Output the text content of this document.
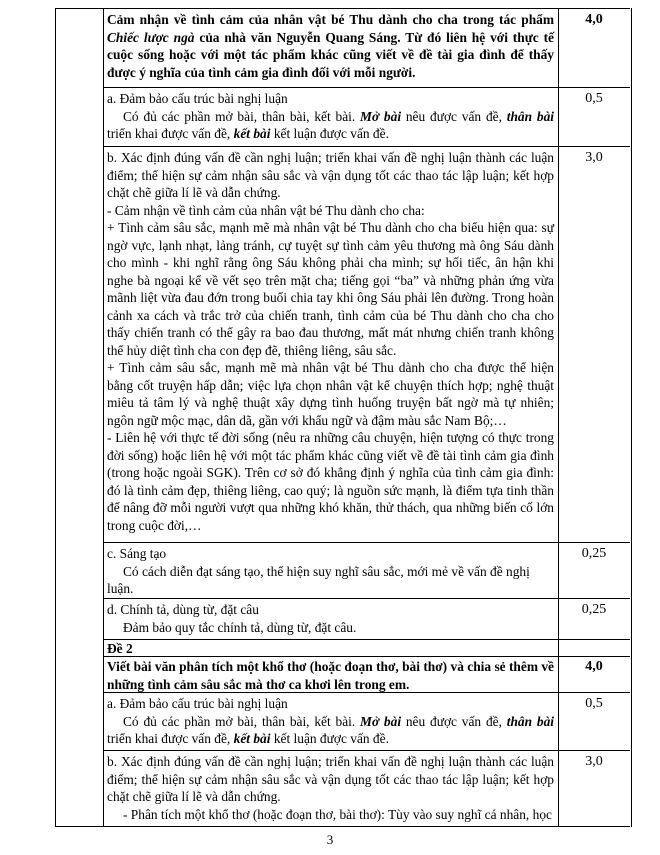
Cảm nhận về tình cảm của nhân vật bé Thu dành cho cha trong tác phẩm Chiếc lược ngà của nhà văn Nguyễn Quang Sáng. Từ đó liên hệ với thực tế cuộc sống hoặc với một tác phẩm khác cũng viết về đề tài gia đình để thấy được ý nghĩa của tình cảm gia đình đối với mỗi người.
4,0

a. Đảm bảo cấu trúc bài nghị luận

Có đủ các phần mở bài, thân bài, kết bài. Mở bài nêu được vấn đề, thân bài triển khai được vấn đề, kết bài kết luận được vấn đề.

0,5

b. Xác định đúng vấn đề cần nghị luận; triển khai vấn đề nghị luận thành các luận điểm; thể hiện sự cảm nhận sâu sắc và vận dụng tốt các thao tác lập luận; kết hợp chặt chẽ giữa lí lẽ và dẫn chứng.

- Cảm nhận về tình cảm của nhân vật bé Thu dành cho cha:

+ Tình cảm sâu sắc, mạnh mẽ mà nhân vật bé Thu dành cho cha biểu hiện qua: sự ngờ vực, lạnh nhạt, lảng tránh, cự tuyệt sự tình cảm yêu thương mà ông Sáu dành cho mình - khi nghĩ rằng ông Sáu không phải cha mình; sự hối tiếc, ân hận khi nghe bà ngoại kể về vết sẹo trên mặt cha; tiếng gọi “ba” và những phản ứng vừa mãnh liệt vừa đau đớn trong buổi chia tay khi ông Sáu phải lên đường. Trong hoàn cảnh xa cách và trắc trở của chiến tranh, tình cảm của bé Thu dành cho cha cho thấy chiến tranh có thể gây ra bao đau thương, mất mát nhưng chiến tranh không thể hủy diệt tình cha con đẹp đẽ, thiêng liêng, sâu sắc.

+ Tình cảm sâu sắc, mạnh mẽ mà nhân vật bé Thu dành cho cha được thể hiện bằng cốt truyện hấp dẫn; việc lựa chọn nhân vật kể chuyện thích hợp; nghệ thuật miêu tả tâm lý và nghệ thuật xây dựng tình huống truyện bất ngờ mà tự nhiên; ngôn ngữ mộc mạc, dân dã, gần với khẩu ngữ và đậm màu sắc Nam Bộ;…

- Liên hệ với thực tế đời sống (nêu ra những câu chuyện, hiện tượng có thực trong đời sống) hoặc liên hệ với một tác phẩm khác cũng viết về đề tài tình cảm gia đình (trong hoặc ngoài SGK). Trên cơ sở đó khẳng định ý nghĩa của tình cảm gia đình: đó là tình cảm đẹp, thiêng liêng, cao quý; là nguồn sức mạnh, là điểm tựa tinh thần để nâng đỡ mỗi người vượt qua những khó khăn, thử thách, qua những biến cố lớn trong cuộc đời,…

3,0

c. Sáng tạo

Có cách diễn đạt sáng tạo, thể hiện suy nghĩ sâu sắc, mới mẻ về vấn đề nghị luận.

0,25

d. Chính tả, dùng từ, đặt câu

Đảm bảo quy tắc chính tả, dùng từ, đặt câu.

0,25
Đề 2
Viết bài văn phân tích một khổ thơ (hoặc đoạn thơ, bài thơ) và chia sẻ thêm về những tình cảm sâu sắc mà thơ ca khơi lên trong em.
4,0

a. Đảm bảo cấu trúc bài nghị luận

Có đủ các phần mở bài, thân bài, kết bài. Mở bài nêu được vấn đề, thân bài triển khai được vấn đề, kết bài kết luận được vấn đề.

0,5

b. Xác định đúng vấn đề cần nghị luận; triển khai vấn đề nghị luận thành các luận điểm; thể hiện sự cảm nhận sâu sắc và vận dụng tốt các thao tác lập luận; kết hợp chặt chẽ giữa lí lẽ và dẫn chứng.

- Phân tích một khổ thơ (hoặc đoạn thơ, bài thơ): Tùy vào suy nghĩ cá nhân, học

3,0
3
